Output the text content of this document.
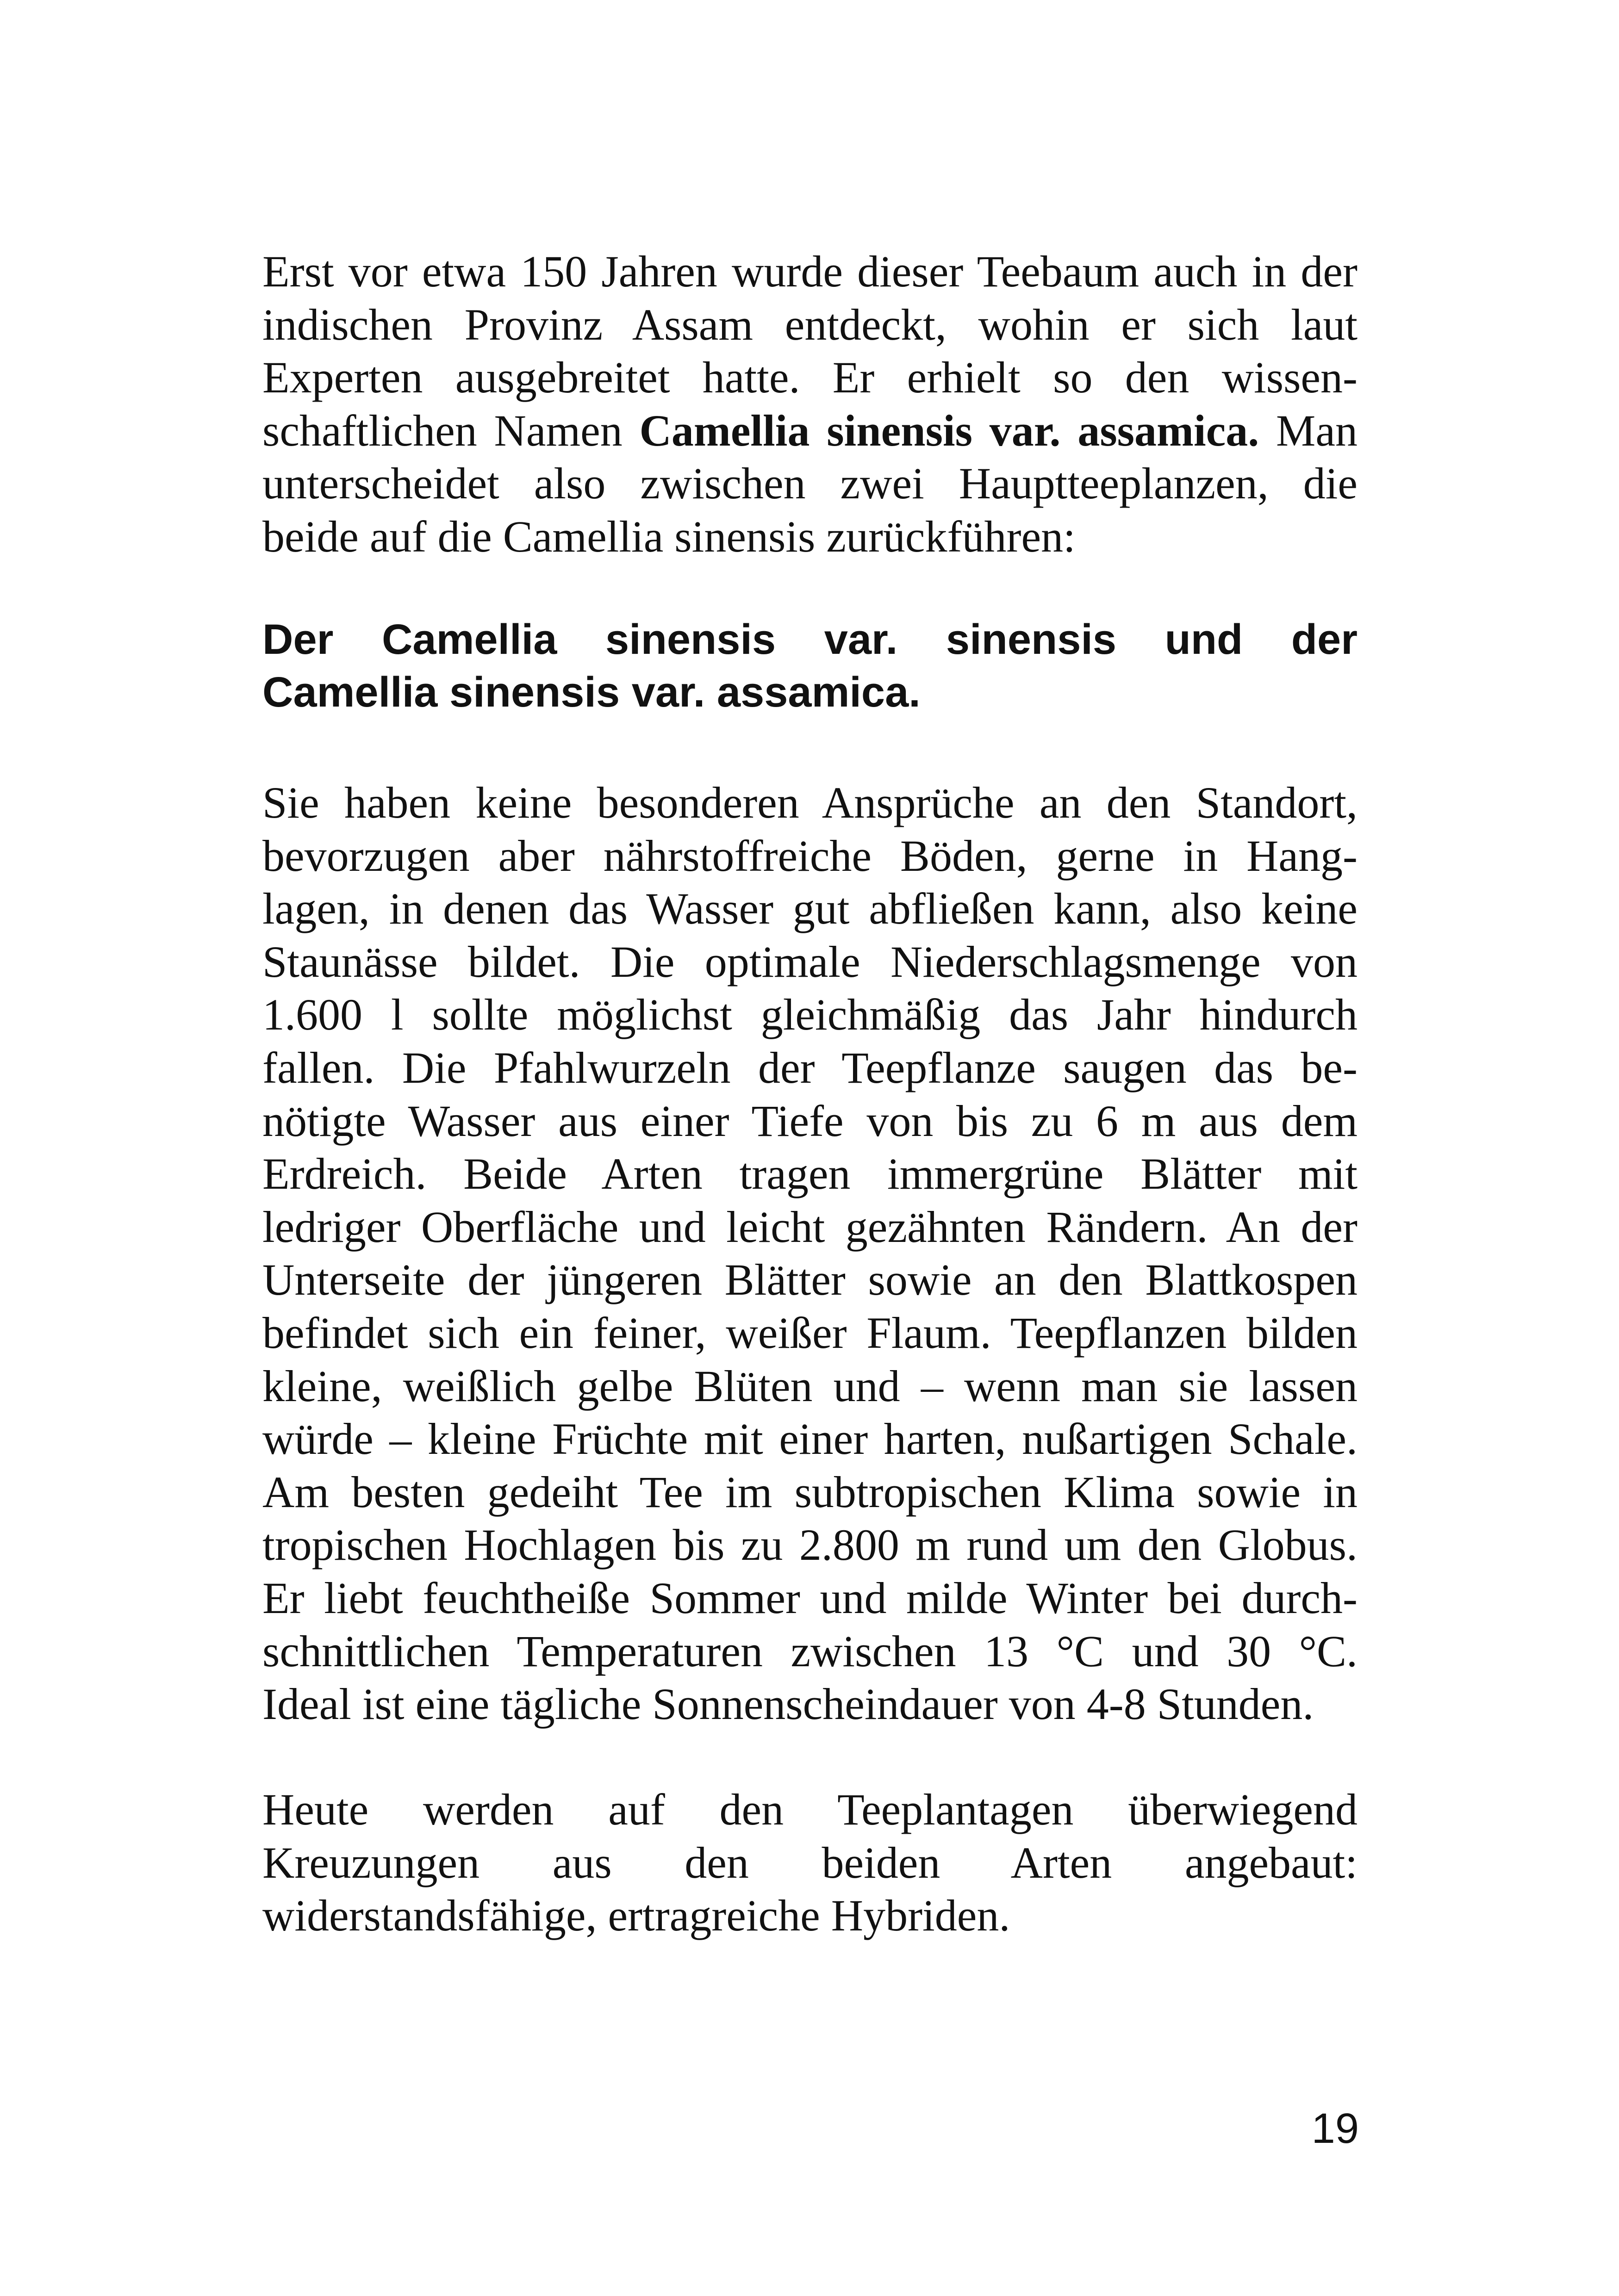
Erst vor etwa 150 Jahren wurde dieser Teebaum auch in der
indischen Provinz Assam entdeckt, wohin er sich laut
Experten ausgebreitet hatte. Er erhielt so den wissen-
schaftlichen Namen Camellia sinensis var. assamica. Man
unterscheidet also zwischen zwei Hauptteeplanzen, die
beide auf die Camellia sinensis zurückführen:

Der Camellia sinensis var. sinensis und der
Camellia sinensis var. assamica.

Sie haben keine besonderen Ansprüche an den Standort,
bevorzugen aber nährstoffreiche Böden, gerne in Hang-
lagen, in denen das Wasser gut abfließen kann, also keine
Staunässe bildet. Die optimale Niederschlagsmenge von
1.600 l sollte möglichst gleichmäßig das Jahr hindurch
fallen. Die Pfahlwurzeln der Teepflanze saugen das be-
nötigte Wasser aus einer Tiefe von bis zu 6 m aus dem
Erdreich. Beide Arten tragen immergrüne Blätter mit
ledriger Oberfläche und leicht gezähnten Rändern. An der
Unterseite der jüngeren Blätter sowie an den Blattkospen
befindet sich ein feiner, weißer Flaum. Teepflanzen bilden
kleine, weißlich gelbe Blüten und – wenn man sie lassen
würde – kleine Früchte mit einer harten, nußartigen Schale.
Am besten gedeiht Tee im subtropischen Klima sowie in
tropischen Hochlagen bis zu 2.800 m rund um den Globus.
Er liebt feuchtheiße Sommer und milde Winter bei durch-
schnittlichen Temperaturen zwischen 13 °C und 30 °C.
Ideal ist eine tägliche Sonnenscheindauer von 4-8 Stunden.

Heute werden auf den Teeplantagen überwiegend
Kreuzungen aus den beiden Arten angebaut:
widerstandsfähige, ertragreiche Hybriden.

19
